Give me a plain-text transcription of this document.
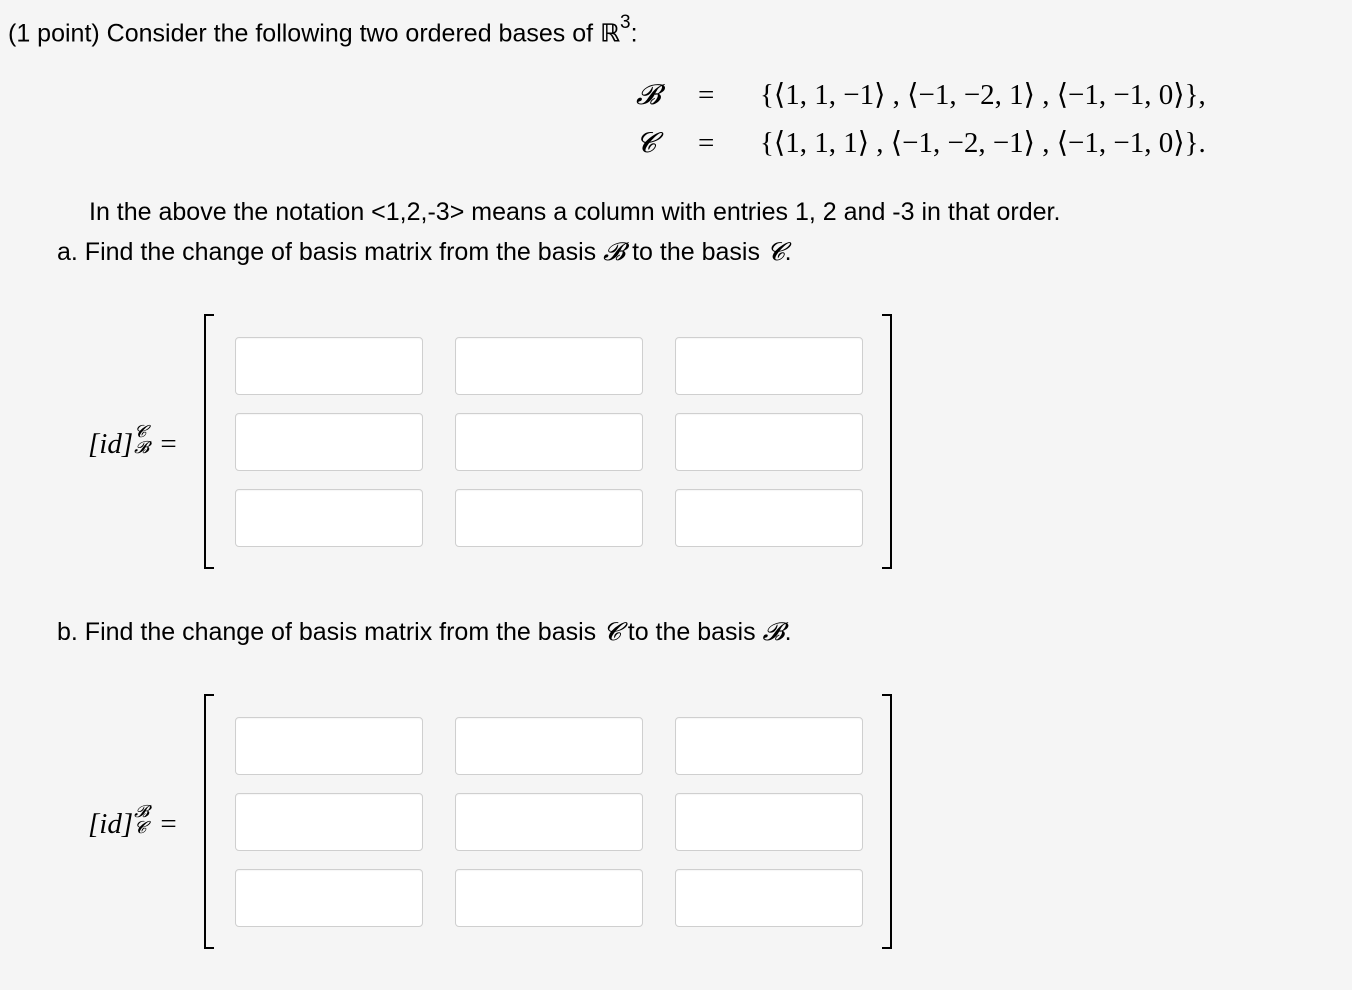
(1 point) Consider the following two ordered bases of ℝ$^3$:
𝓑 = {⟨1, 1, −1⟩ , ⟨−1, −2, 1⟩ , ⟨−1, −1, 0⟩},
𝓒 = {⟨1, 1, 1⟩ , ⟨−1, −2, −1⟩ , ⟨−1, −1, 0⟩}.
In the above the notation <1,2,-3> means a column with entries 1, 2 and -3 in that order.
a. Find the change of basis matrix from the basis 𝓑 to the basis 𝓒.
[id] 𝓒
𝓑 =
b. Find the change of basis matrix from the basis 𝓒 to the basis 𝓑.
[id] 𝓑
𝓒 =
